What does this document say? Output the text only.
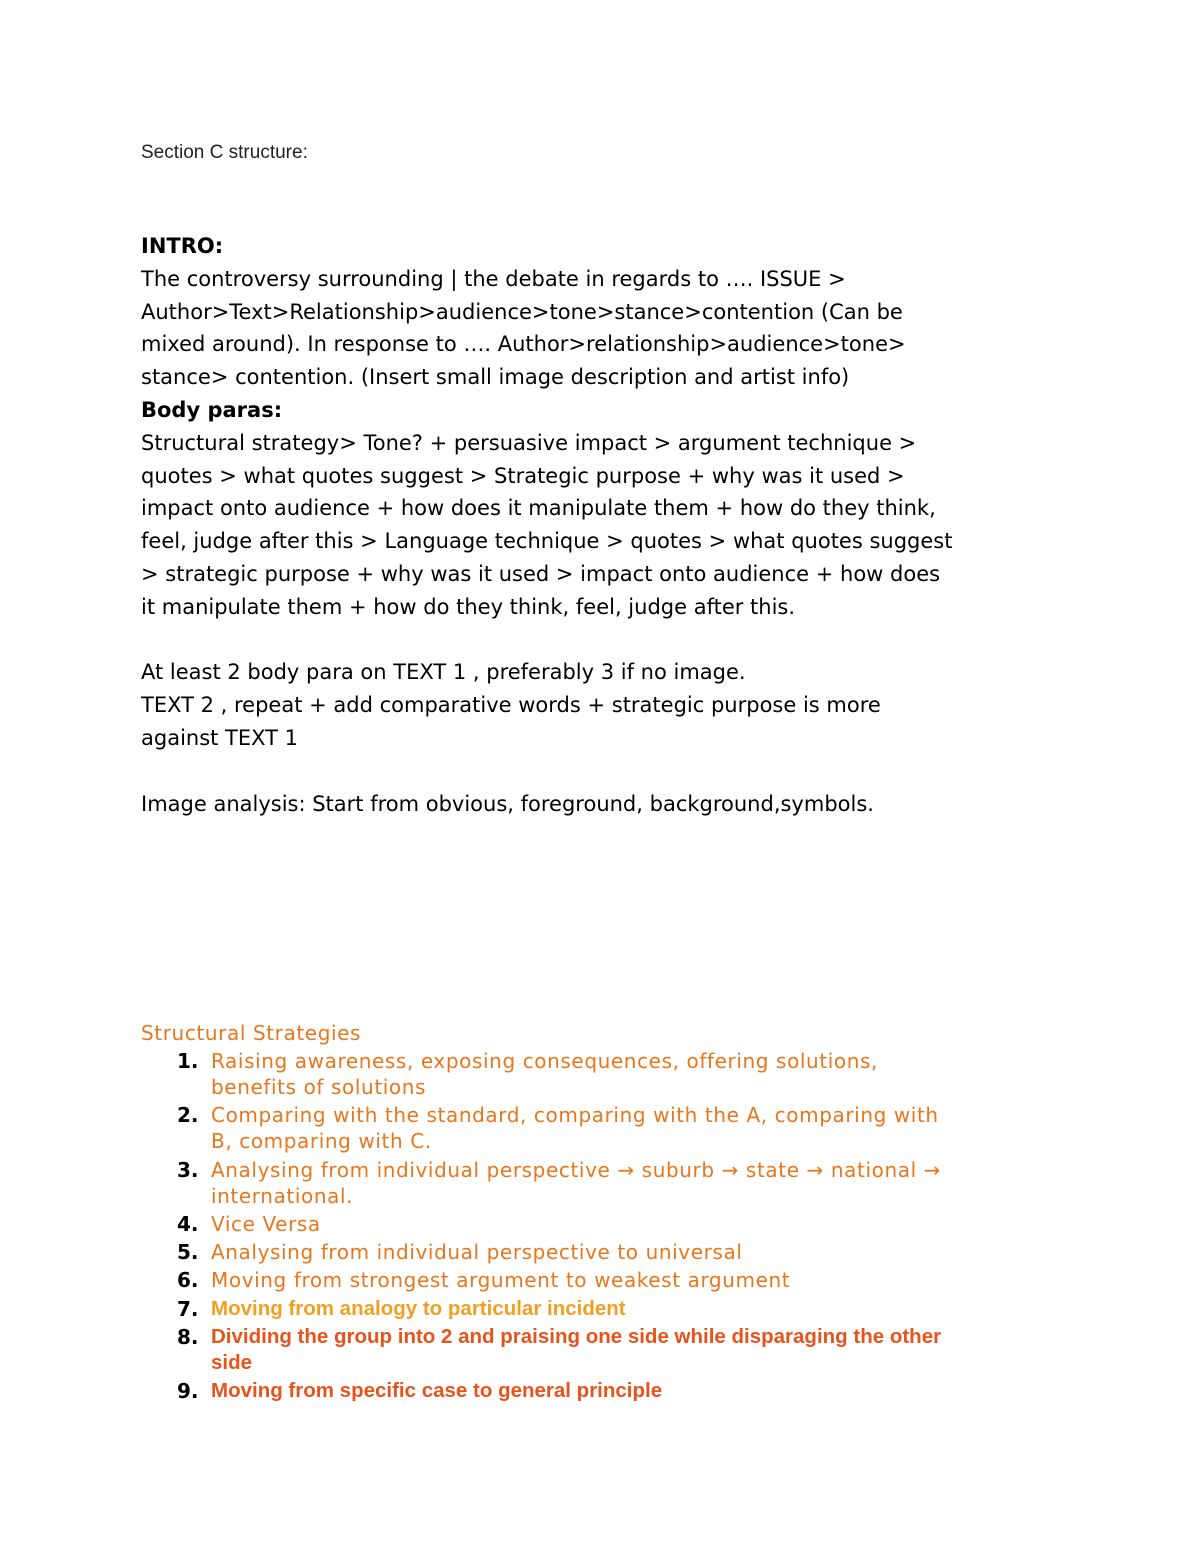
Section C structure:

INTRO:

The controversy surrounding | the debate in regards to …. ISSUE >

Author>Text>Relationship>audience>tone>stance>contention (Can be

mixed around). In response to …. Author>relationship>audience>tone>

stance> contention. (Insert small image description and artist info)

Body paras:

Structural strategy> Tone? + persuasive impact > argument technique >

quotes > what quotes suggest > Strategic purpose + why was it used >

impact onto audience + how does it manipulate them + how do they think,

feel, judge after this > Language technique > quotes > what quotes suggest

> strategic purpose + why was it used > impact onto audience + how does

it manipulate them + how do they think, feel, judge after this.

At least 2 body para on TEXT 1 , preferably 3 if no image.

TEXT 2 , repeat + add comparative words + strategic purpose is more

against TEXT 1

Image analysis: Start from obvious, foreground, background,symbols.

Structural Strategies

1. Raising awareness, exposing consequences, offering solutions,
benefits of solutions
2. Comparing with the standard, comparing with the A, comparing with
B, comparing with C.
3. Analysing from individual perspective → suburb → state → national →
international.
4. Vice Versa
5. Analysing from individual perspective to universal
6. Moving from strongest argument to weakest argument
7. Moving from analogy to particular incident
8. Dividing the group into 2 and praising one side while disparaging the other
side
9. Moving from specific case to general principle
